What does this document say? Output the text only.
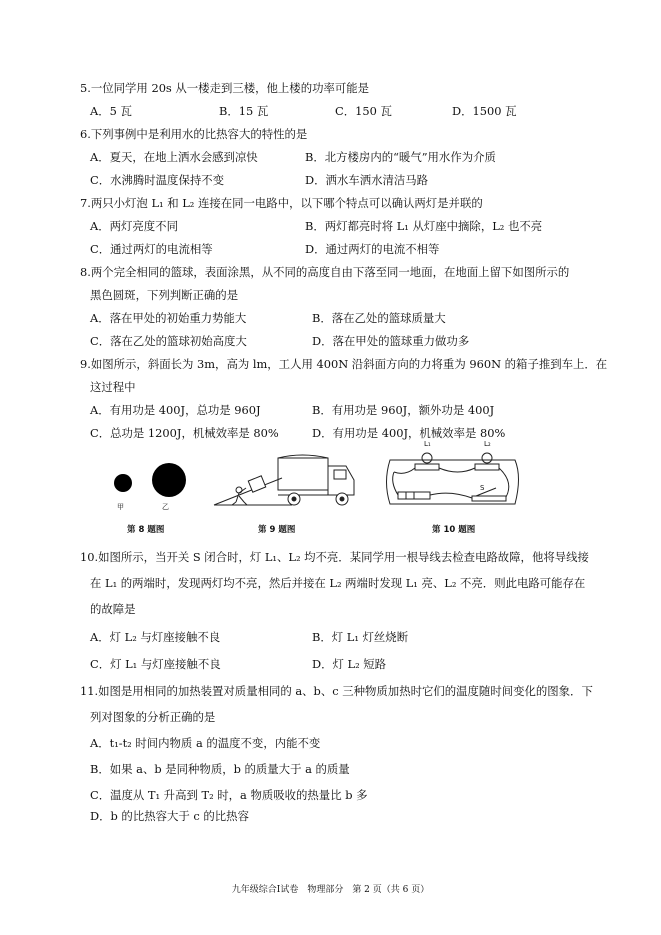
5.一位同学用 20s 从一楼走到三楼，他上楼的功率可能是
A．5 瓦	B．15 瓦	C．150 瓦	D．1500 瓦
6.下列事例中是利用水的比热容大的特性的是
A．夏天，在地上洒水会感到凉快	B．北方楼房内的“暖气”用水作为介质
C．水沸腾时温度保持不变	D．洒水车洒水清洁马路
7.两只小灯泡 L₁ 和 L₂ 连接在同一电路中，以下哪个特点可以确认两灯是并联的
A．两灯亮度不同	B．两灯都亮时将 L₁ 从灯座中摘除，L₂ 也不亮
C．通过两灯的电流相等	D．通过两灯的电流不相等
8.两个完全相同的篮球，表面涂黑，从不同的高度自由下落至同一地面，在地面上留下如图所示的
黑色圆斑，下列判断正确的是
A．落在甲处的初始重力势能大	B．落在乙处的篮球质量大
C．落在乙处的篮球初始高度大	D．落在甲处的篮球重力做功多
9.如图所示，斜面长为 3m，高为 lm，工人用 400N 沿斜面方向的力将重为 960N 的箱子推到车上．在
这过程中
A．有用功是 400J，总功是 960J	B．有用功是 960J，额外功是 400J
C．总功是 1200J，机械效率是 80%	D．有用功是 400J，机械效率是 80%
甲	乙
第 8 题图	第 9 题图
L₁	L₂
S
第 10 题图
10.如图所示，当开关 S 闭合时，灯 L₁、L₂ 均不亮．某同学用一根导线去检查电路故障，他将导线接
在 L₁ 的两端时，发现两灯均不亮，然后并接在 L₂ 两端时发现 L₁ 亮、L₂ 不亮．则此电路可能存在
的故障是
A．灯 L₂ 与灯座接触不良	B．灯 L₁ 灯丝烧断
C．灯 L₁ 与灯座接触不良	D．灯 L₂ 短路
11.如图是用相同的加热装置对质量相同的 a、b、c 三种物质加热时它们的温度随时间变化的图象．下
列对图象的分析正确的是
A．t₁-t₂ 时间内物质 a 的温度不变，内能不变
B．如果 a、b 是同种物质，b 的质量大于 a 的质量
C．温度从 T₁ 升高到 T₂ 时，a 物质吸收的热量比 b 多
D．b 的比热容大于 c 的比热容
九年级综合Ⅰ试卷　物理部分　第 2 页（共 6 页）
